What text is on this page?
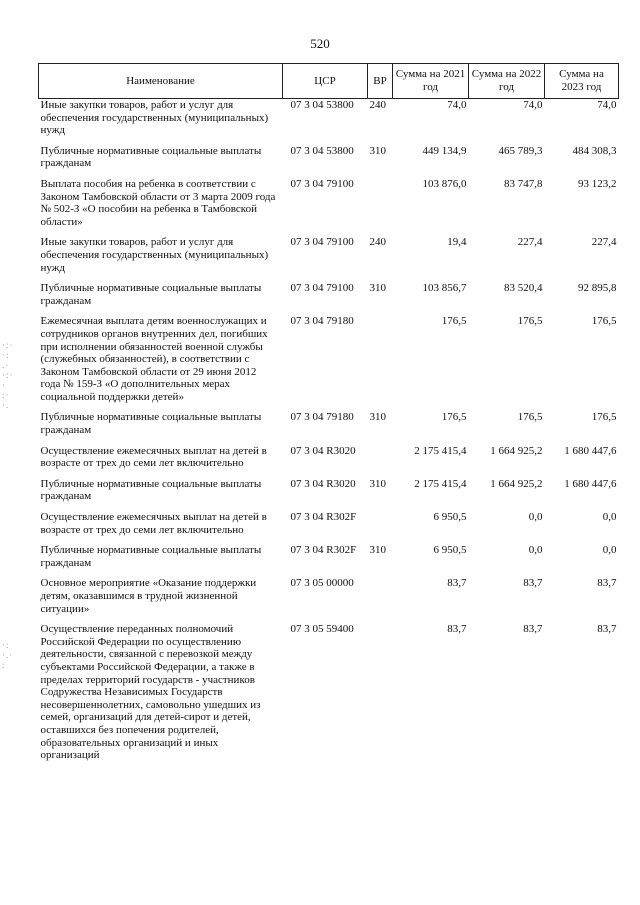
520
·:·
·:
.·
·:·
·
:·
·.
·:
·.·
:
Наименование	ЦСР	ВР	Сумма на 2021 год	Сумма на 2022 год	Сумма на 2023 год
Иные закупки товаров, работ и услуг для обеспечения государственных (муниципальных) нужд	07 3 04 53800	240	74,0	74,0	74,0
Публичные нормативные социальные выплаты гражданам	07 3 04 53800	310	449 134,9	465 789,3	484 308,3
Выплата пособия на ребенка в соответствии с Законом Тамбовской области от 3 марта 2009 года № 502-З «О пособии на ребенка в Тамбовской области»	07 3 04 79100		103 876,0	83 747,8	93 123,2
Иные закупки товаров, работ и услуг для обеспечения государственных (муниципальных) нужд	07 3 04 79100	240	19,4	227,4	227,4
Публичные нормативные социальные выплаты гражданам	07 3 04 79100	310	103 856,7	83 520,4	92 895,8
Ежемесячная выплата детям военнослужащих и сотрудников органов внутренних дел, погибших при исполнении обязанностей военной службы (служебных обязанностей), в соответствии с Законом Тамбовской области от 29 июня 2012 года № 159-З «О дополнительных мерах социальной поддержки детей»	07 3 04 79180		176,5	176,5	176,5
Публичные нормативные социальные выплаты гражданам	07 3 04 79180	310	176,5	176,5	176,5
Осуществление ежемесячных выплат на детей в возрасте от трех до семи лет включительно	07 3 04 R3020		2 175 415,4	1 664 925,2	1 680 447,6
Публичные нормативные социальные выплаты гражданам	07 3 04 R3020	310	2 175 415,4	1 664 925,2	1 680 447,6
Осуществление ежемесячных выплат на детей в возрасте от трех до семи лет включительно	07 3 04 R302F		6 950,5	0,0	0,0
Публичные нормативные социальные выплаты гражданам	07 3 04 R302F	310	6 950,5	0,0	0,0
Основное мероприятие «Оказание поддержки детям, оказавшимся в трудной жизненной ситуации»	07 3 05 00000		83,7	83,7	83,7
Осуществление переданных полномочий Российской Федерации по осуществлению деятельности, связанной с перевозкой между субъектами Российской Федерации, а также в пределах территорий государств - участников Содружества Независимых Государств несовершеннолетних, самовольно ушедших из семей, организаций для детей-сирот и детей, оставшихся без попечения родителей, образовательных организаций и иных организаций	07 3 05 59400		83,7	83,7	83,7
